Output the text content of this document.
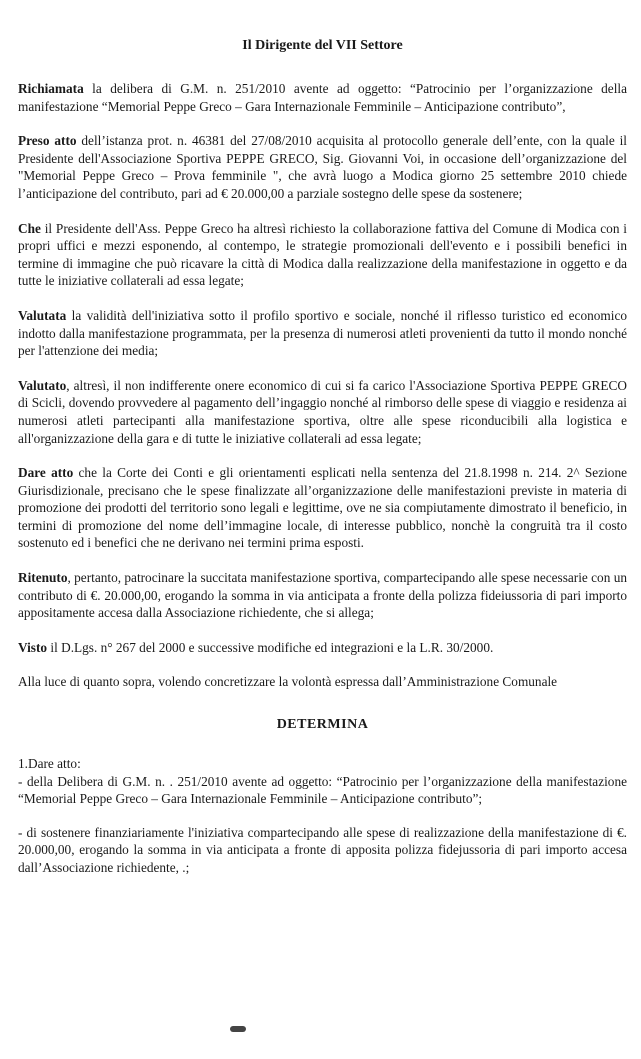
Il Dirigente del VII Settore

Richiamata la delibera di G.M. n. 251/2010 avente ad oggetto: “Patrocinio per l’organizzazione della manifestazione “Memorial Peppe Greco – Gara Internazionale Femminile – Anticipazione contributo”,

Preso atto dell’istanza prot. n. 46381 del 27/08/2010 acquisita al protocollo generale dell’ente, con la quale il Presidente dell'Associazione Sportiva PEPPE GRECO, Sig. Giovanni Voi, in occasione dell’organizzazione del "Memorial Peppe Greco – Prova femminile ", che avrà luogo a Modica giorno 25 settembre 2010 chiede l’anticipazione del contributo, pari ad € 20.000,00 a parziale sostegno delle spese da sostenere;

Che il Presidente dell'Ass. Peppe Greco ha altresì richiesto la collaborazione fattiva del Comune di Modica con i propri uffici e mezzi esponendo, al contempo, le strategie promozionali dell'evento e i possibili benefici in termine di immagine che può ricavare la città di Modica dalla realizzazione della manifestazione in oggetto e da tutte le iniziative collaterali ad essa legate;

Valutata la validità dell'iniziativa sotto il profilo sportivo e sociale, nonché il riflesso turistico ed economico indotto dalla manifestazione programmata, per la presenza di numerosi atleti provenienti da tutto il mondo nonché per l'attenzione dei media;

Valutato, altresì, il non indifferente onere economico di cui si fa carico l'Associazione Sportiva PEPPE GRECO di Scicli, dovendo provvedere al pagamento dell’ingaggio nonché al rimborso delle spese di viaggio e residenza ai numerosi atleti partecipanti alla manifestazione sportiva, oltre alle spese riconducibili alla logistica e all'organizzazione della gara e di tutte le iniziative collaterali ad essa legate;

Dare atto che la Corte dei Conti e gli orientamenti esplicati nella sentenza del 21.8.1998 n. 214. 2^ Sezione Giurisdizionale, precisano che le spese finalizzate all’organizzazione delle manifestazioni previste in materia di promozione dei prodotti del territorio sono legali e legittime, ove ne sia compiutamente dimostrato il beneficio, in termini di promozione del nome dell’immagine locale, di interesse pubblico, nonchè la congruità tra il costo sostenuto ed i benefici che ne derivano nei termini prima esposti.

Ritenuto, pertanto, patrocinare la succitata manifestazione sportiva, compartecipando alle spese necessarie con un contributo di €. 20.000,00, erogando la somma in via anticipata a fronte della polizza fideiussoria di pari importo appositamente accesa dalla Associazione richiedente, che si allega;

Visto il D.Lgs. n° 267 del 2000 e successive modifiche ed integrazioni e la L.R. 30/2000.

Alla luce di quanto sopra, volendo concretizzare la volontà espressa dall’Amministrazione Comunale

DETERMINA

1.Dare atto:

- della Delibera di G.M. n. . 251/2010 avente ad oggetto: “Patrocinio per l’organizzazione della manifestazione “Memorial Peppe Greco – Gara Internazionale Femminile – Anticipazione contributo”;

- di sostenere finanziariamente l'iniziativa compartecipando alle spese di realizzazione della manifestazione di €. 20.000,00, erogando la somma in via anticipata a fronte di apposita polizza fidejussoria di pari importo accesa dall’Associazione richiedente, .;
